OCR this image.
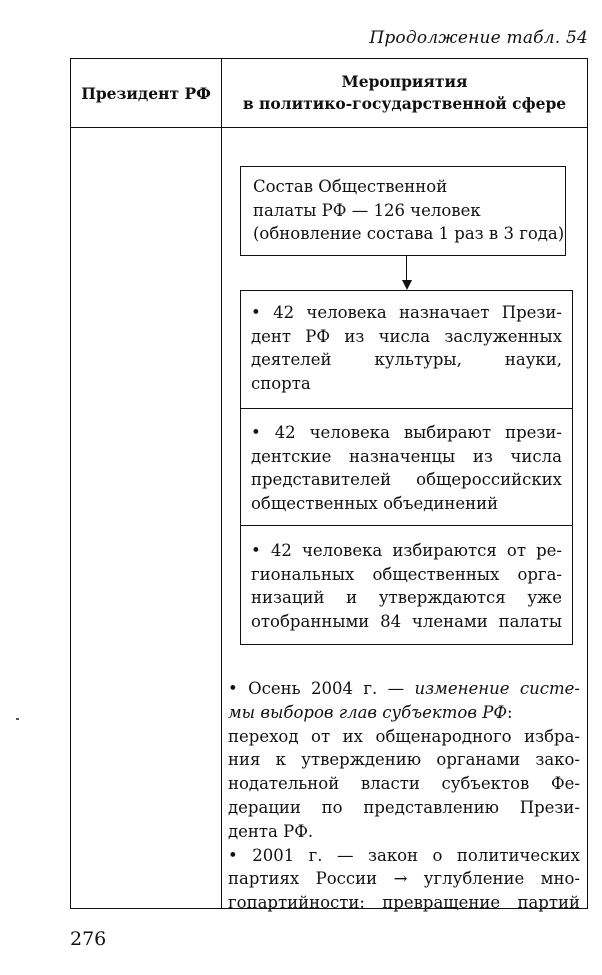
Продолжение табл. 54
Президент РФ
Мероприятия
в политико-государственной сфере
Состав Общественной
палаты РФ — 126 человек
(обновление состава 1 раз в 3 года)
• 42 человека назначает Прези-
дент РФ из числа заслуженных
деятелей культуры, науки,
спорта
• 42 человека выбирают прези-
дентские назначенцы из числа
представителей общероссийских
общественных объединений
• 42 человека избираются от ре-
гиональных общественных орга-
низаций и утверждаются уже
отобранными 84 членами палаты
• Осень 2004 г. — изменение систе-
мы выборов глав субъектов РФ:
переход от их общенародного избра-
ния к утверждению органами зако-
нодательной власти субъектов Фе-
дерации по представлению Прези-
дента РФ.
• 2001 г. — закон о политических
партиях России → углубление мно-
гопартийности: превращение партий
276
